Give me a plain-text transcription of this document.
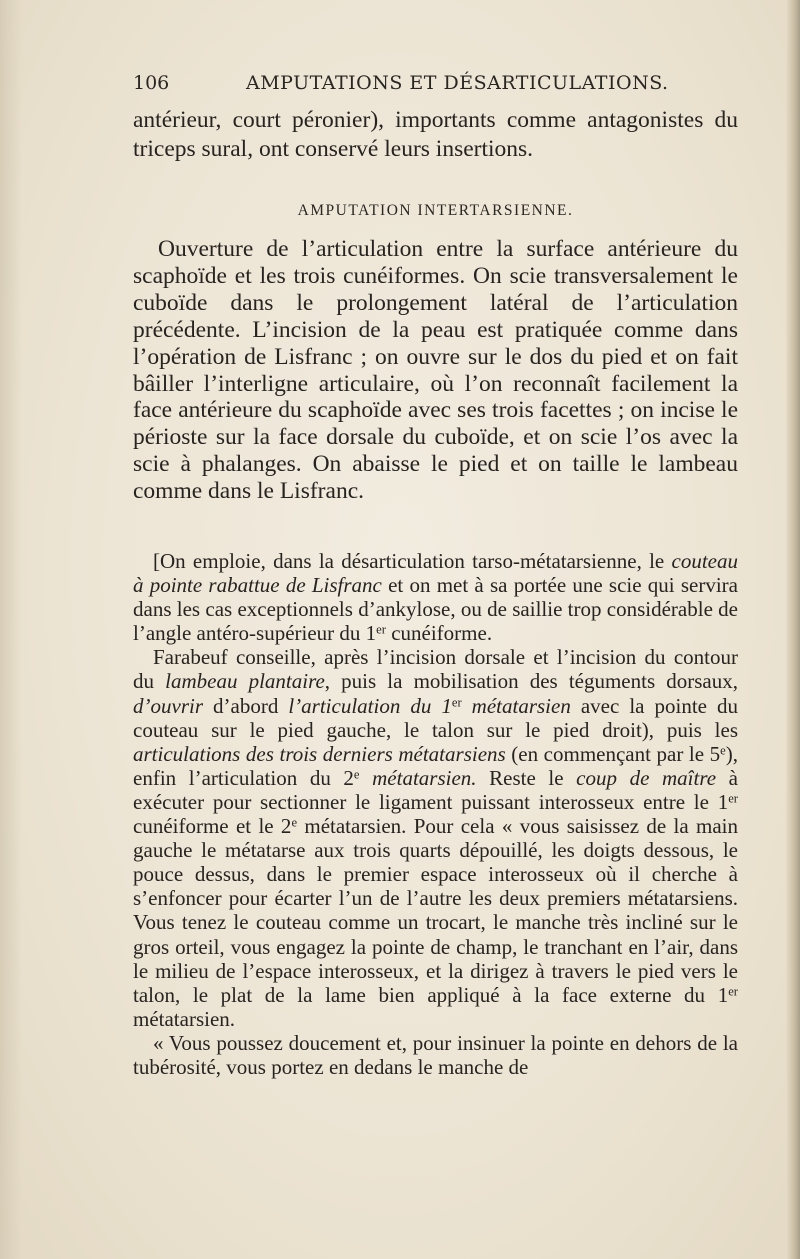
106	AMPUTATIONS ET DÉSARTICULATIONS.

antérieur, court péronier), importants comme antagonistes du triceps sural, ont conservé leurs insertions.

AMPUTATION INTERTARSIENNE.

Ouverture de l’articulation entre la surface antérieure du scaphoïde et les trois cunéiformes. On scie transversalement le cuboïde dans le prolongement latéral de l’articulation précédente. L’incision de la peau est pratiquée comme dans l’opération de Lisfranc ; on ouvre sur le dos du pied et on fait bâiller l’interligne articulaire, où l’on reconnaît facilement la face antérieure du scaphoïde avec ses trois facettes ; on incise le périoste sur la face dorsale du cuboïde, et on scie l’os avec la scie à phalanges. On abaisse le pied et on taille le lambeau comme dans le Lisfranc.

[On emploie, dans la désarticulation tarso-métatarsienne, le couteau à pointe rabattue de Lisfranc et on met à sa portée une scie qui servira dans les cas exceptionnels d’ankylose, ou de saillie trop considérable de l’angle antéro-supérieur du 1er cunéiforme.

Farabeuf conseille, après l’incision dorsale et l’incision du contour du lambeau plantaire, puis la mobilisation des téguments dorsaux, d’ouvrir d’abord l’articulation du 1er métatarsien avec la pointe du couteau sur le pied gauche, le talon sur le pied droit), puis les articulations des trois derniers métatarsiens (en commençant par le 5e), enfin l’articulation du 2e métatarsien. Reste le coup de maître à exécuter pour sectionner le ligament puissant interosseux entre le 1er cunéiforme et le 2e métatarsien. Pour cela « vous saisissez de la main gauche le métatarse aux trois quarts dépouillé, les doigts dessous, le pouce dessus, dans le premier espace interosseux où il cherche à s’enfoncer pour écarter l’un de l’autre les deux premiers métatarsiens. Vous tenez le couteau comme un trocart, le manche très incliné sur le gros orteil, vous engagez la pointe de champ, le tranchant en l’air, dans le milieu de l’espace interosseux, et la dirigez à travers le pied vers le talon, le plat de la lame bien appliqué à la face externe du 1er métatarsien.

« Vous poussez doucement et, pour insinuer la pointe en dehors de la tubérosité, vous portez en dedans le manche de
